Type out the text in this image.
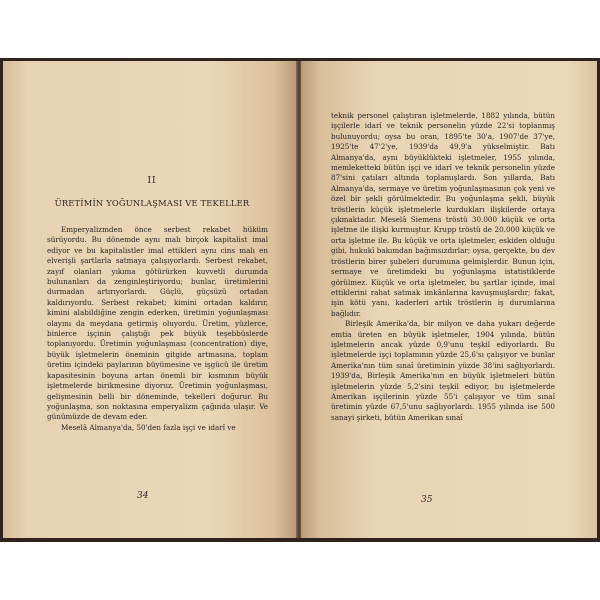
II
ÜRETİMİN YOĞUNLAŞMASI VE TEKELLER

Emperyalizmden önce serbest rekabet hüküm sürüyordu. Bu dönemde aynı malı birçok kapitalist imal ediyor ve bu kapitalistler imal ettikleri aynı cins malı en elverişli şartlarla satmaya çalışıyorlardı. Serbest rekabet, zayıf olanları yıkıma götürürken kuvvetli durumda bulunanları da zenginleştiriyordu; bunlar, üretimlerini durmadan artırıyorlardı. Güçlü, güçsüzü ortadan kaldırıyordu. Serbest rekabet; kimini ortadan kaldırır, kimini alabildiğine zengin ederken, üretimin yoğunlaşması olayını da meydana getirmiş oluyordu. Üretim, yüzlerce, binlerce işçinin çalıştığı pek büyük teşebbüslerde toplanıyordu. Üretimin yoğunlaşması (concentration) diye, büyük işletmelerin öneminin gitgide artmasına, toplam üretim içindeki paylarının büyümesine ve işgücü ile üretim kapasitesinin boyuna artan önemli bir kısmının büyük işletmelerde birikmesine diyoruz. Üretimin yoğunlaşması, gelişmesinin belli bir döneminde, tekelleri doğurur. Bu yoğunlaşma, son noktasına emperyalizm çağında ulaşır. Ve günümüzde de devam eder.

Meselâ Almanya'da, 50'den fazla işçi ve idarî ve

34

teknik personel çalıştıran işletmelerde, 1882 yılında, bütün işçilerle idarî ve teknik personelin yüzde 22'si toplanmış bulunuyordu; oysa bu oran, 1895'te 30'a, 1907'de 37'ye, 1925'te 47'2'ye, 1939'da 49,9'a yükselmiştir. Batı Almanya'da, aynı büyüklükteki işletmeler, 1955 yılında, memleketteki bütün işçi ve idarî ve teknik personelin yüzde 87'sini çatıları altında toplamışlardı. Son yıllarda, Batı Almanya'da, sermaye ve üretim yoğunlaşmasının çok yeni ve özel bir şekli görülmektedir. Bu yoğunlaşma şekli, büyük tröstlerin küçük işletmelerle kurdukları ilişkilerde ortaya çıkmaktadır. Meselâ Siemens tröstü 30.000 küçük ve orta işletme ile ilişki kurmuştur. Krupp tröstü de 20.000 küçük ve orta işletme ile. Bu küçük ve orta işletmeler, eskiden olduğu gibi, hukukî bakımdan bağımsızdırlar; oysa, gerçekte, bu dev tröstlerin birer şubeleri durumuna gelmişlerdir. Bunun için, sermaye ve üretimdeki bu yoğunlaşma istatistiklerde görülmez. Küçük ve orta işletmeler, bu şartlar içinde, imal ettiklerini rahat satmak imkânlarına kavuşmuşlardır; fakat, işin kötü yanı, kaderleri artık tröstlerin iş durumlarına bağlıdır.

Birleşik Amerika'da, bir milyon ve daha yukarı değerde emtia üreten en büyük işletmeler, 1904 yılında, bütün işletmelerin ancak yüzde 0,9'unu teşkil ediyorlardı. Bu işletmelerde işçi toplamının yüzde 25,6'sı çalışıyor ve bunlar Amerika'nın tüm sınaî üretiminin yüzde 38'ini sağlıyorlardı. 1939'da, Birleşik Amerika'nın en büyük işletmeleri bütün işletmelerin yüzde 5,2'sini teşkil ediyor, bu işletmelerde Amerikan işçilerinin yüzde 55'i çalışıyor ve tüm sınaî üretimin yüzde 67,5'unu sağlıyorlardı. 1955 yılında ise 500 sanayi şirketi, bütün Amerikan sınaî

35
